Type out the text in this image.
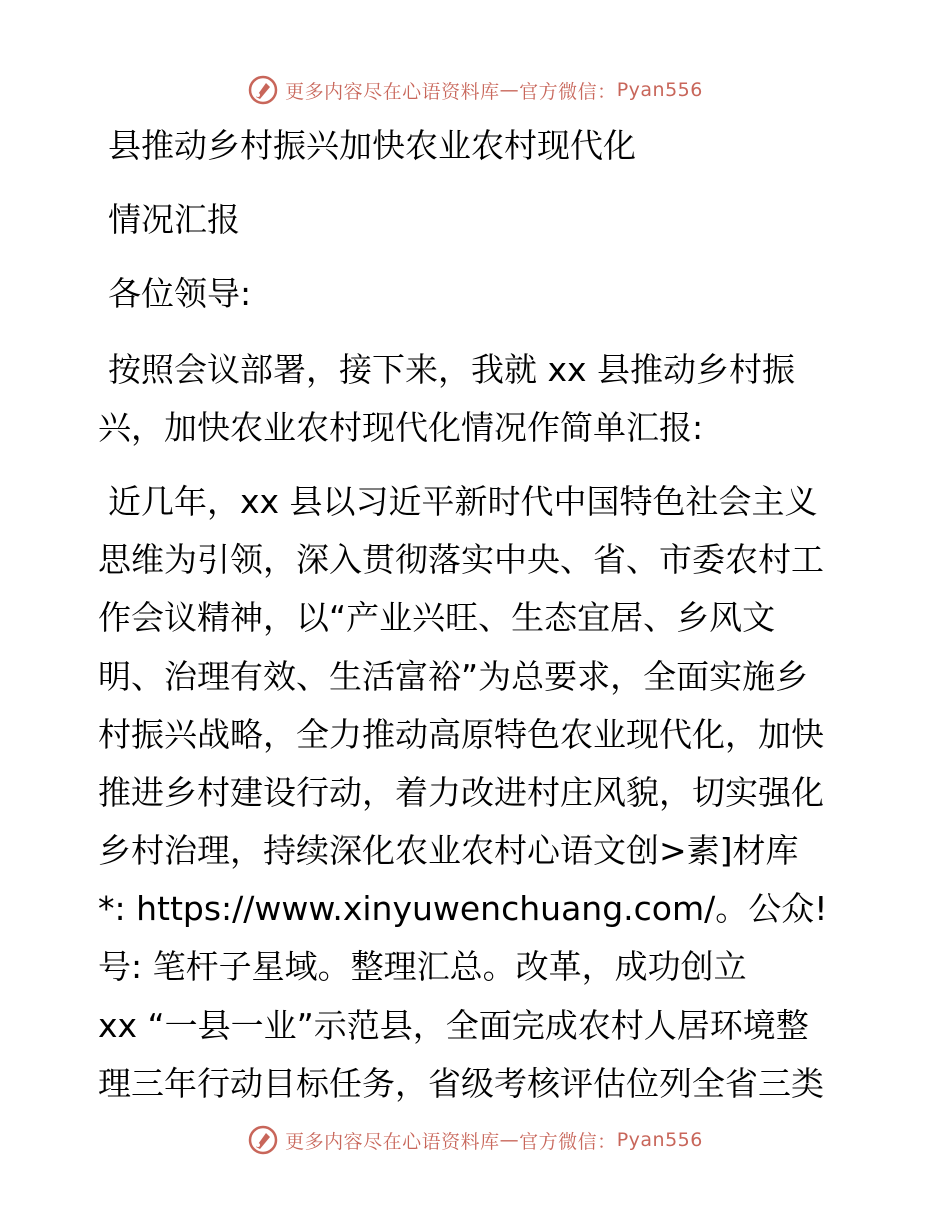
更多内容尽在心语资料库 — 官方微信： Pyan556
县推动乡村振兴加快农业农村现代化
情况汇报
各位领导:
按照会议部署，接下来，我就 xx 县推动乡村振
兴，加快农业农村现代化情况作简单汇报:
近几年，xx 县以习近平新时代中国特色社会主义
思维为引领，深入贯彻落实中央、省、市委农村工
作会议精神，以“产业兴旺、生态宜居、乡风文
明、治理有效、生活富裕”为总要求，全面实施乡
村振兴战略，全力推动高原特色农业现代化，加快
推进乡村建设行动，着力改进村庄风貌，切实强化
乡村治理，持续深化农业农村心语文创>素]材库
*: https://www.xinyuwenchuang.com/。公众!
号: 笔杆子星域。整理汇总。改革，成功创立
xx “一县一业”示范县，全面完成农村人居环境整
理三年行动目标任务，省级考核评估位列全省三类
更多内容尽在心语资料库 — 官方微信： Pyan556
